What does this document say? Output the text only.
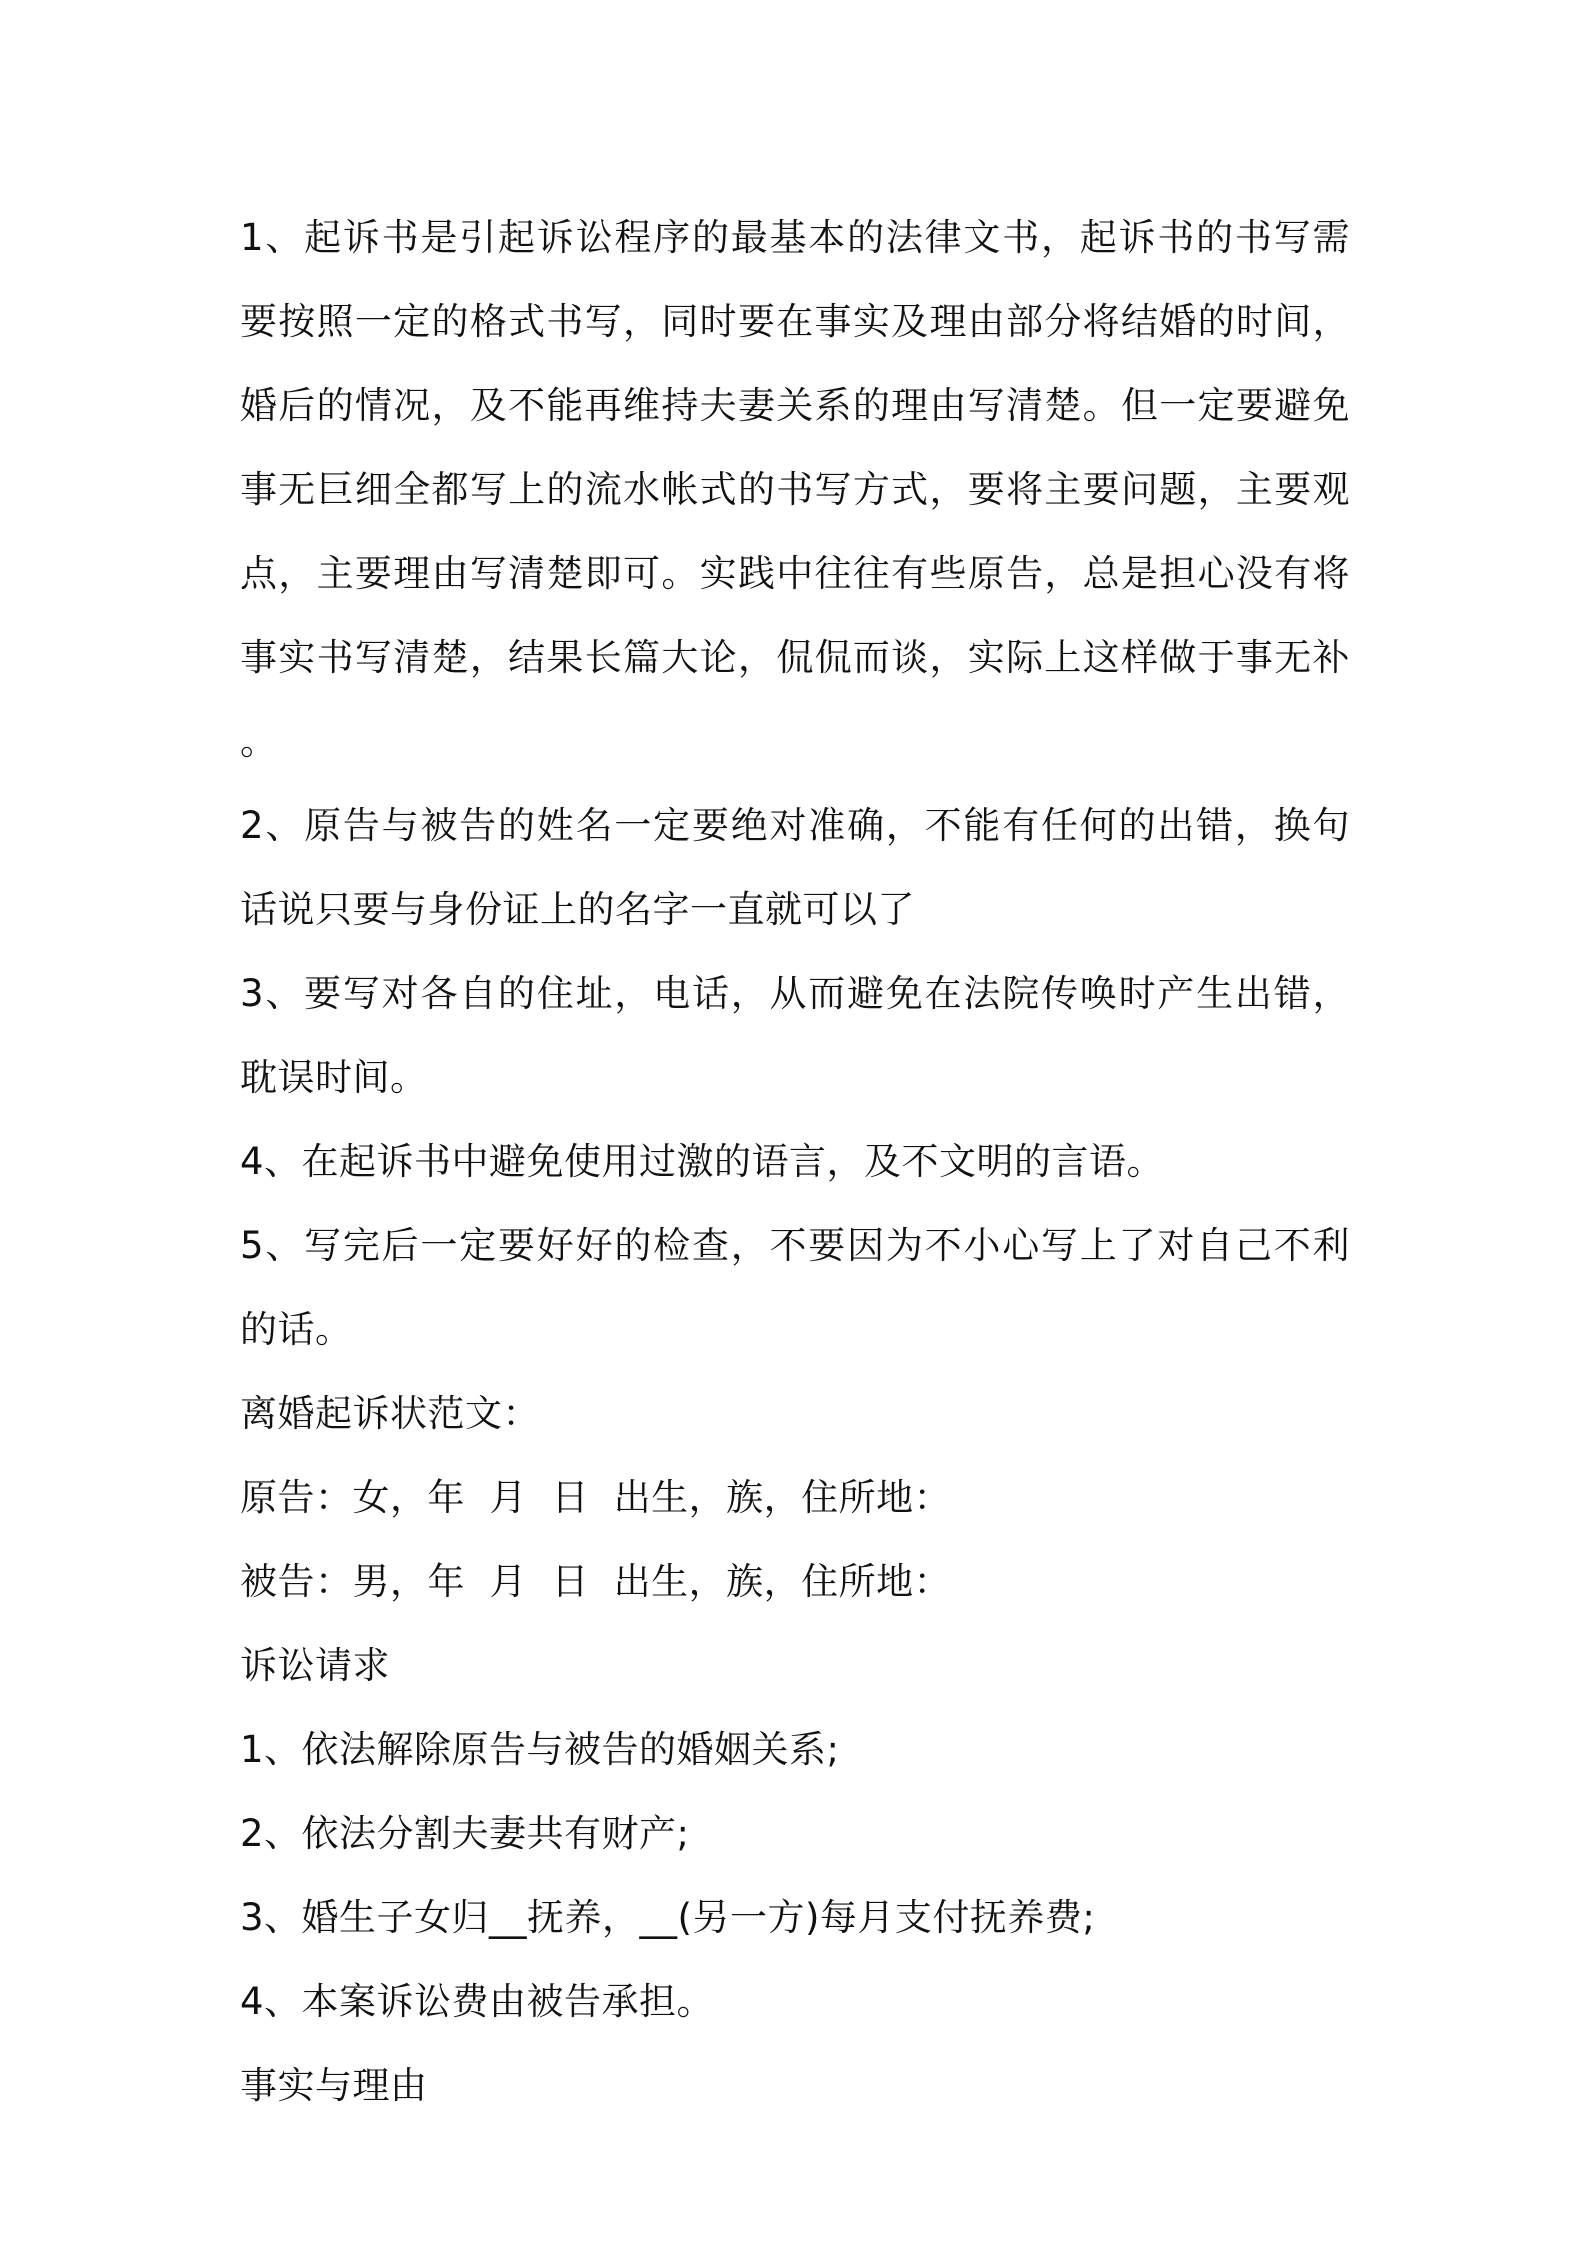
1、起诉书是引起诉讼程序的最基本的法律文书，起诉书的书写需要按照一定的格式书写，同时要在事实及理由部分将结婚的时间，婚后的情况，及不能再维持夫妻关系的理由写清楚。但一定要避免事无巨细全都写上的流水帐式的书写方式，要将主要问题，主要观点，主要理由写清楚即可。实践中往往有些原告，总是担心没有将事实书写清楚，结果长篇大论，侃侃而谈，实际上这样做于事无补。

2、原告与被告的姓名一定要绝对准确，不能有任何的出错，换句话说只要与身份证上的名字一直就可以了

3、要写对各自的住址，电话，从而避免在法院传唤时产生出错，耽误时间。

4、在起诉书中避免使用过激的语言，及不文明的言语。

5、写完后一定要好好的检查，不要因为不小心写上了对自己不利的话。

离婚起诉状范文：

原告：女，年  月  日  出生，族，住所地：

被告：男，年  月  日  出生，族，住所地：

诉讼请求

1、依法解除原告与被告的婚姻关系;

2、依法分割夫妻共有财产;

3、婚生子女归__抚养，__(另一方)每月支付抚养费;

4、本案诉讼费由被告承担。

事实与理由
